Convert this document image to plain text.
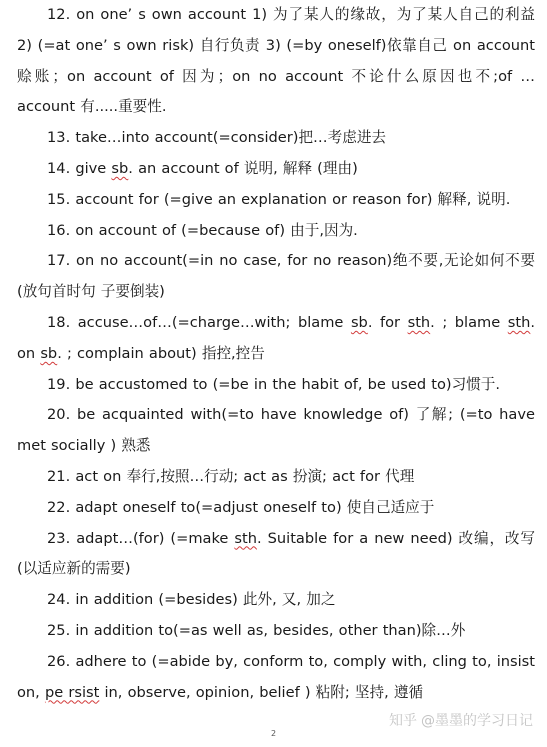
12. on one’ s own account 1) 为了某人的缘故，为了某人自己的利益 2) (=at one’ s own risk) 自行负责 3) (=by oneself)依靠自己 on account 赊账；on account of 因为；on no account 不论什么原因也不;of … account 有.....重要性.

13. take…into account(=consider)把…考虑进去

14. give sb. an account of 说明, 解释 (理由)

15. account for (=give an explanation or reason for) 解释, 说明.

16. on account of (=because of) 由于,因为.

17. on no account(=in no case, for no reason)绝不要,无论如何不要 (放句首时句 子要倒装)

18. accuse…of…(=charge…with; blame sb. for sth. ; blame sth. on sb. ; complain about) 指控,控告

19. be accustomed to (=be in the habit of, be used to)习惯于.

20. be acquainted with(=to have knowledge of) 了解; (=to have met socially ) 熟悉

21. act on 奉行,按照…行动; act as 扮演; act for 代理

22. adapt oneself to(=adjust oneself to) 使自己适应于

23. adapt…(for) (=make sth. Suitable for a new need) 改编，改写(以适应新的需要)

24. in addition (=besides) 此外, 又, 加之

25. in addition to(=as well as, besides, other than)除…外

26. adhere to (=abide by, conform to, comply with, cling to, insist on, pe rsist in, observe, opinion, belief ) 粘附; 坚持, 遵循

知乎 @墨墨的学习日记
2
